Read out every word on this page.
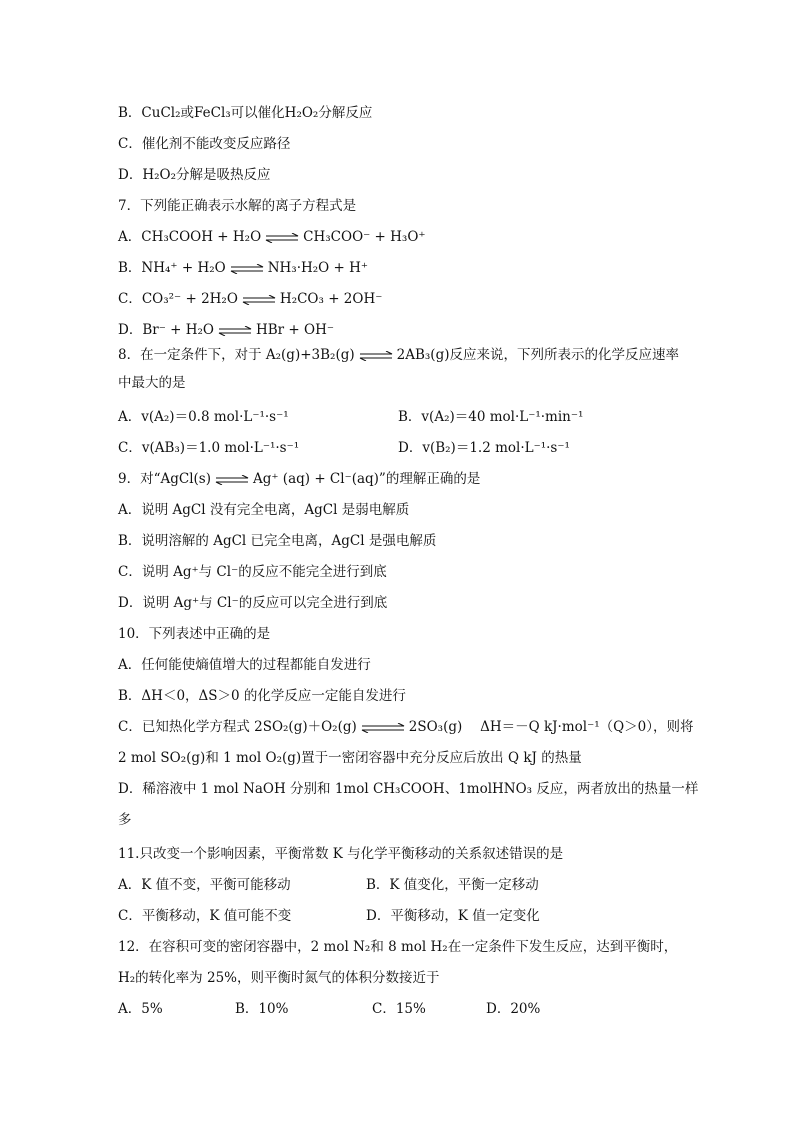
B．CuCl₂或FeCl₃可以催化H₂O₂分解反应
C．催化剂不能改变反应路径
D．H₂O₂分解是吸热反应
7．下列能正确表示水解的离子方程式是
A．CH₃COOH + H₂O ⇌ CH₃COO⁻ + H₃O⁺
B．NH₄⁺ + H₂O ⇌ NH₃·H₂O + H⁺
C．CO₃²⁻ + 2H₂O ⇌ H₂CO₃ + 2OH⁻
D．Br⁻ + H₂O ⇌ HBr + OH⁻
8．在一定条件下，对于 A₂(g)+3B₂(g) ⇌ 2AB₃(g)反应来说，下列所表示的化学反应速率
中最大的是
A．v(A₂)＝0.8 mol·L⁻¹·s⁻¹	B．v(A₂)＝40 mol·L⁻¹·min⁻¹
C．v(AB₃)＝1.0 mol·L⁻¹·s⁻¹	D．v(B₂)＝1.2 mol·L⁻¹·s⁻¹
9．对“AgCl(s) ⇌ Ag⁺ (aq) + Cl⁻(aq)”的理解正确的是
A．说明 AgCl 没有完全电离，AgCl 是弱电解质
B．说明溶解的 AgCl 已完全电离，AgCl 是强电解质
C．说明 Ag⁺与 Cl⁻的反应不能完全进行到底
D．说明 Ag⁺与 Cl⁻的反应可以完全进行到底
10．下列表述中正确的是
A．任何能使熵值增大的过程都能自发进行
B．ΔH＜0，ΔS＞0 的化学反应一定能自发进行
C．已知热化学方程式 2SO₂(g)＋O₂(g) ⇌ 2SO₃(g)　 ΔH＝－Q kJ·mol⁻¹（Q＞0），则将
2 mol SO₂(g)和 1 mol O₂(g)置于一密闭容器中充分反应后放出 Q kJ 的热量
D．稀溶液中 1 mol NaOH 分别和 1mol CH₃COOH、1molHNO₃ 反应，两者放出的热量一样
多
11.只改变一个影响因素，平衡常数 K 与化学平衡移动的关系叙述错误的是
A．K 值不变，平衡可能移动	B．K 值变化，平衡一定移动
C．平衡移动，K 值可能不变	D．平衡移动，K 值一定变化
12．在容积可变的密闭容器中，2 mol N₂和 8 mol H₂在一定条件下发生反应，达到平衡时，
H₂的转化率为 25%，则平衡时氮气的体积分数接近于
A．5%	B．10%	C．15%	D．20%
